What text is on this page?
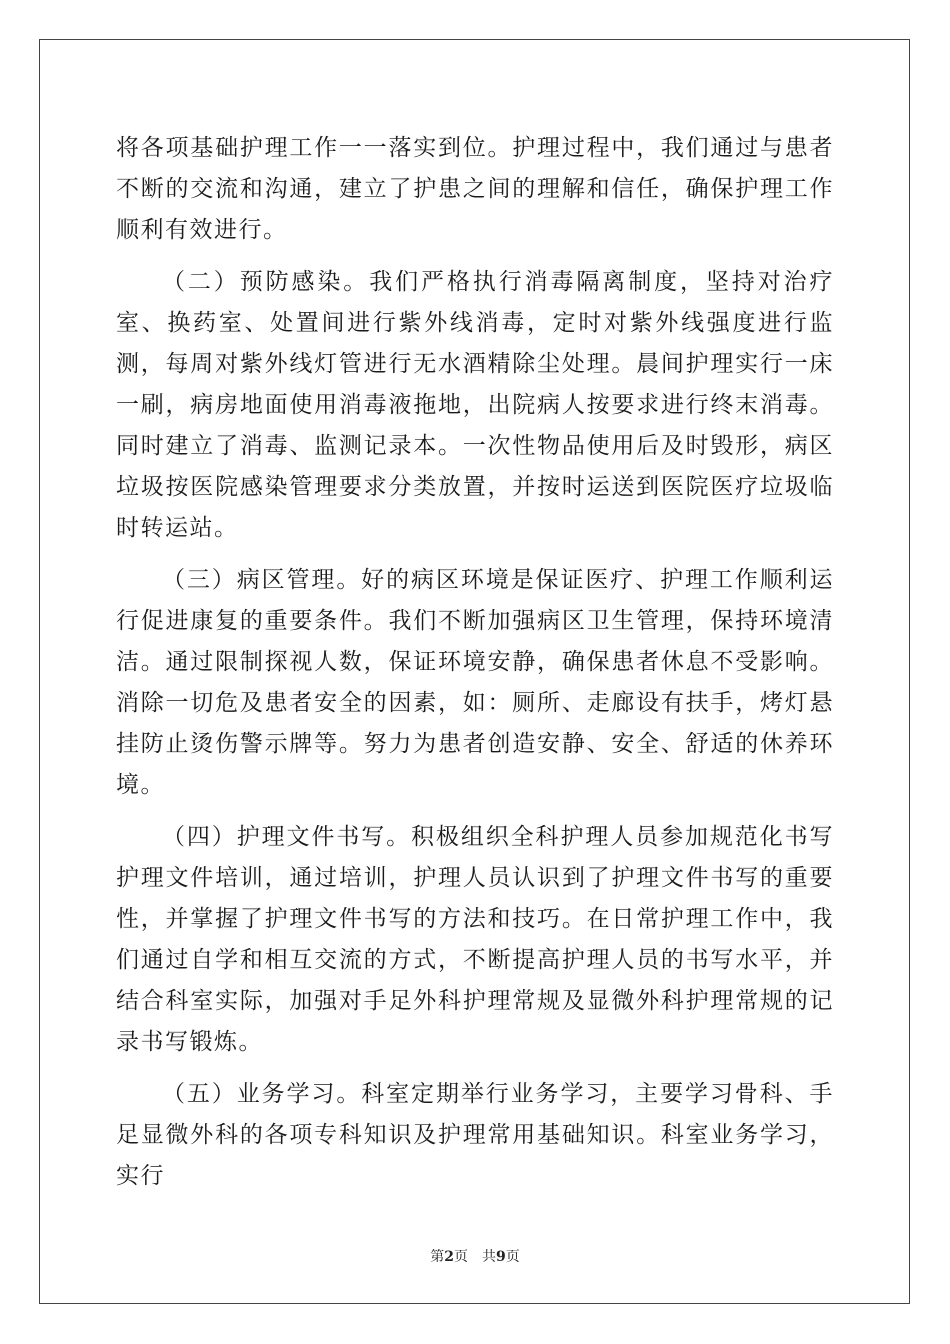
将各项基础护理工作一一落实到位。护理过程中，我们通过与患者不断的交流和沟通，建立了护患之间的理解和信任，确保护理工作顺利有效进行。

（二）预防感染。我们严格执行消毒隔离制度，坚持对治疗室、换药室、处置间进行紫外线消毒，定时对紫外线强度进行监测，每周对紫外线灯管进行无水酒精除尘处理。晨间护理实行一床一刷，病房地面使用消毒液拖地，出院病人按要求进行终末消毒。同时建立了消毒、监测记录本。一次性物品使用后及时毁形，病区垃圾按医院感染管理要求分类放置，并按时运送到医院医疗垃圾临时转运站。

（三）病区管理。好的病区环境是保证医疗、护理工作顺利运行促进康复的重要条件。我们不断加强病区卫生管理，保持环境清洁。通过限制探视人数，保证环境安静，确保患者休息不受影响。消除一切危及患者安全的因素，如：厕所、走廊设有扶手，烤灯悬挂防止烫伤警示牌等。努力为患者创造安静、安全、舒适的休养环境。

（四）护理文件书写。积极组织全科护理人员参加规范化书写护理文件培训，通过培训，护理人员认识到了护理文件书写的重要性，并掌握了护理文件书写的方法和技巧。在日常护理工作中，我们通过自学和相互交流的方式，不断提高护理人员的书写水平，并结合科室实际，加强对手足外科护理常规及显微外科护理常规的记录书写锻炼。

（五）业务学习。科室定期举行业务学习，主要学习骨科、手足显微外科的各项专科知识及护理常用基础知识。科室业务学习，实行

第2页 共9页
